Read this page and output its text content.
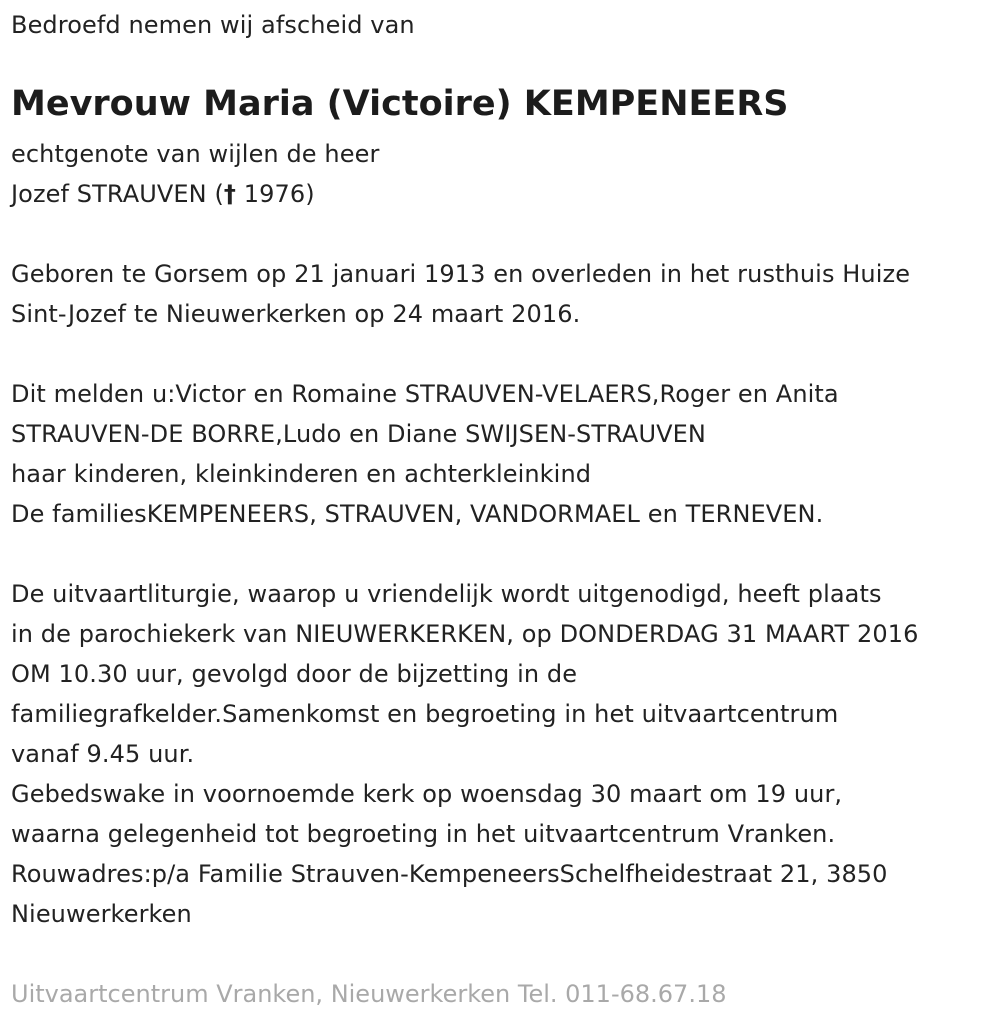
Bedroefd nemen wij afscheid van
Mevrouw Maria (Victoire) KEMPENEERS
echtgenote van wijlen de heer
Jozef STRAUVEN († 1976)
Geboren te Gorsem op 21 januari 1913 en overleden in het rusthuis Huize
Sint-Jozef te Nieuwerkerken op 24 maart 2016.
Dit melden u:Victor en Romaine STRAUVEN-VELAERS,Roger en Anita
STRAUVEN-DE BORRE,Ludo en Diane SWIJSEN-STRAUVEN
haar kinderen, kleinkinderen en achterkleinkind
De familiesKEMPENEERS, STRAUVEN, VANDORMAEL en TERNEVEN.
De uitvaartliturgie, waarop u vriendelijk wordt uitgenodigd, heeft plaats
in de parochiekerk van NIEUWERKERKEN, op DONDERDAG 31 MAART 2016
OM 10.30 uur, gevolgd door de bijzetting in de
familiegrafkelder.Samenkomst en begroeting in het uitvaartcentrum
vanaf 9.45 uur.
Gebedswake in voornoemde kerk op woensdag 30 maart om 19 uur,
waarna gelegenheid tot begroeting in het uitvaartcentrum Vranken.
Rouwadres:p/a Familie Strauven-KempeneersSchelfheidestraat 21, 3850
Nieuwerkerken
Uitvaartcentrum Vranken, Nieuwerkerken Tel. 011-68.67.18
